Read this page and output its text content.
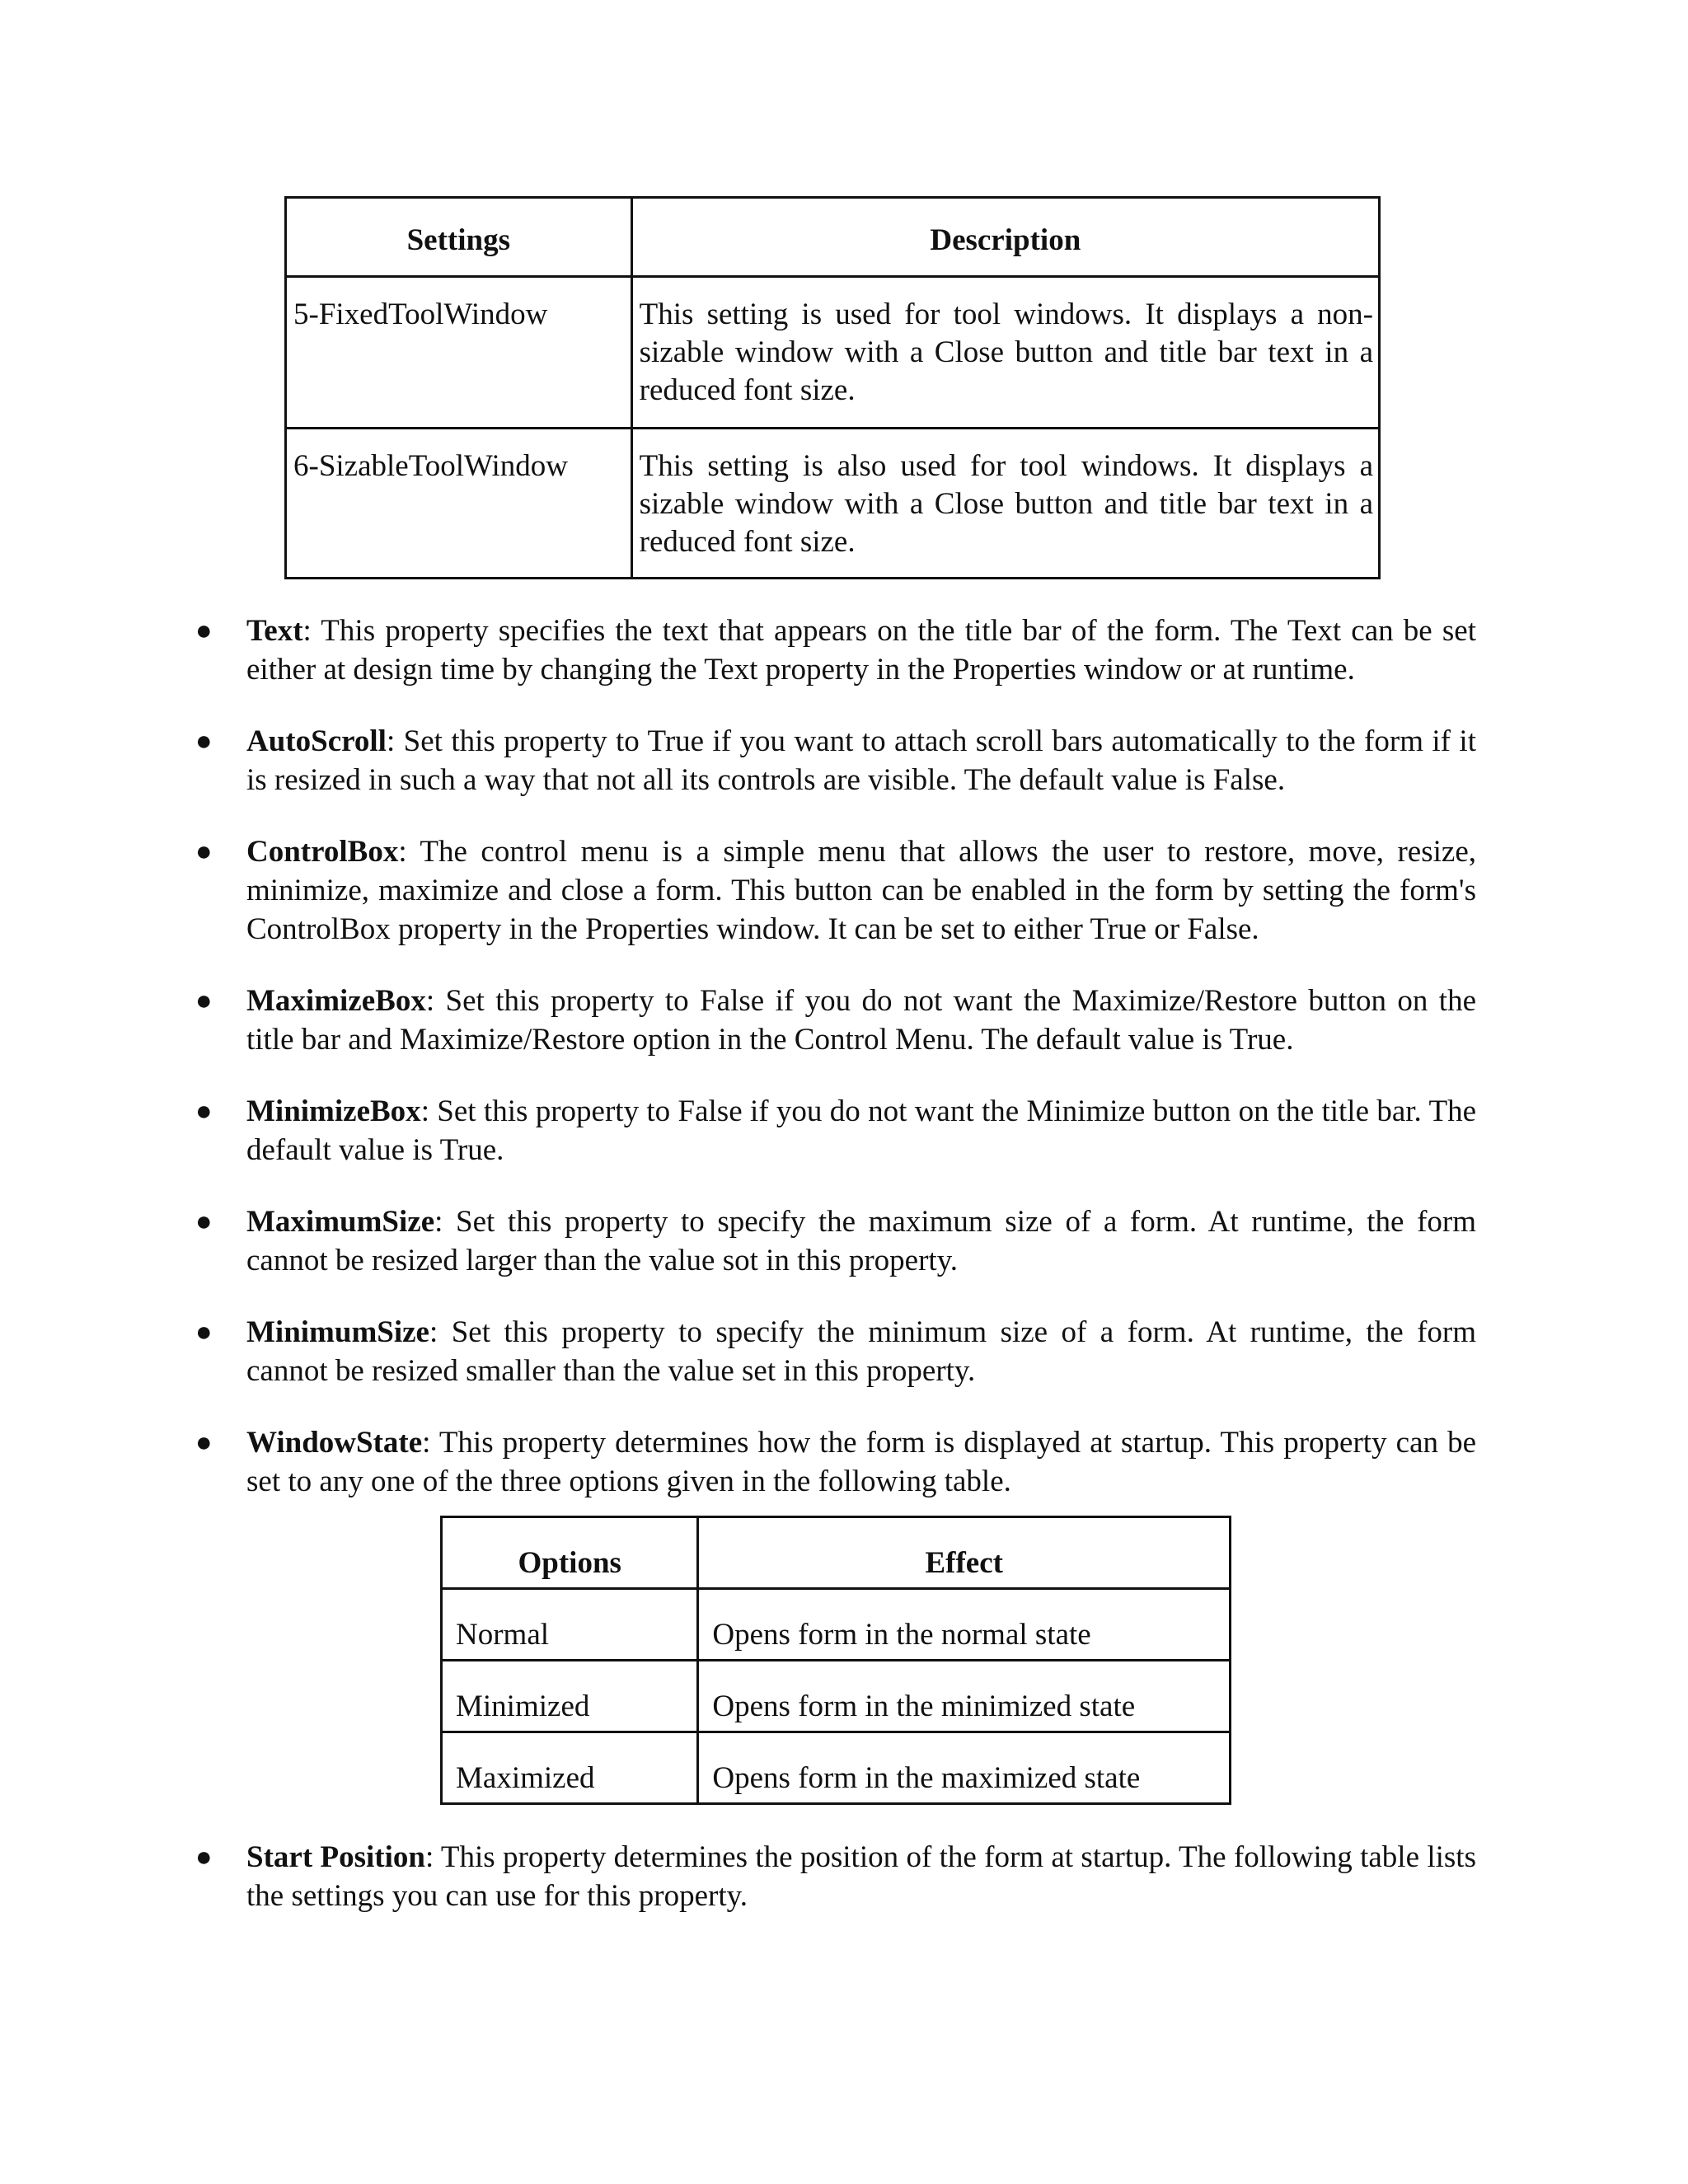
Settings	Description
5-FixedToolWindow	This setting is used for tool windows. It displays a non-sizable window with a Close button and title bar text in a reduced font size.
6-SizableToolWindow	This setting is also used for tool windows. It displays a sizable window with a Close button and title bar text in a reduced font size.
● Text: This property specifies the text that appears on the title bar of the form. The Text can be set either at design time by changing the Text property in the Properties window or at runtime.
● AutoScroll: Set this property to True if you want to attach scroll bars automatically to the form if it is resized in such a way that not all its controls are visible. The default value is False.
● ControlBox: The control menu is a simple menu that allows the user to restore, move, resize, minimize, maximize and close a form. This button can be enabled in the form by setting the form's ControlBox property in the Properties window. It can be set to either True or False.
● MaximizeBox: Set this property to False if you do not want the Maximize/Restore button on the title bar and Maximize/Restore option in the Control Menu. The default value is True.
● MinimizeBox: Set this property to False if you do not want the Minimize button on the title bar. The default value is True.
● MaximumSize: Set this property to specify the maximum size of a form. At runtime, the form cannot be resized larger than the value sot in this property.
● MinimumSize: Set this property to specify the minimum size of a form. At runtime, the form cannot be resized smaller than the value set in this property.
● WindowState: This property determines how the form is displayed at startup. This property can be set to any one of the three options given in the following table.
Options	Effect
Normal	Opens form in the normal state
Minimized	Opens form in the minimized state
Maximized	Opens form in the maximized state
● Start Position: This property determines the position of the form at startup. The following table lists the settings you can use for this property.
